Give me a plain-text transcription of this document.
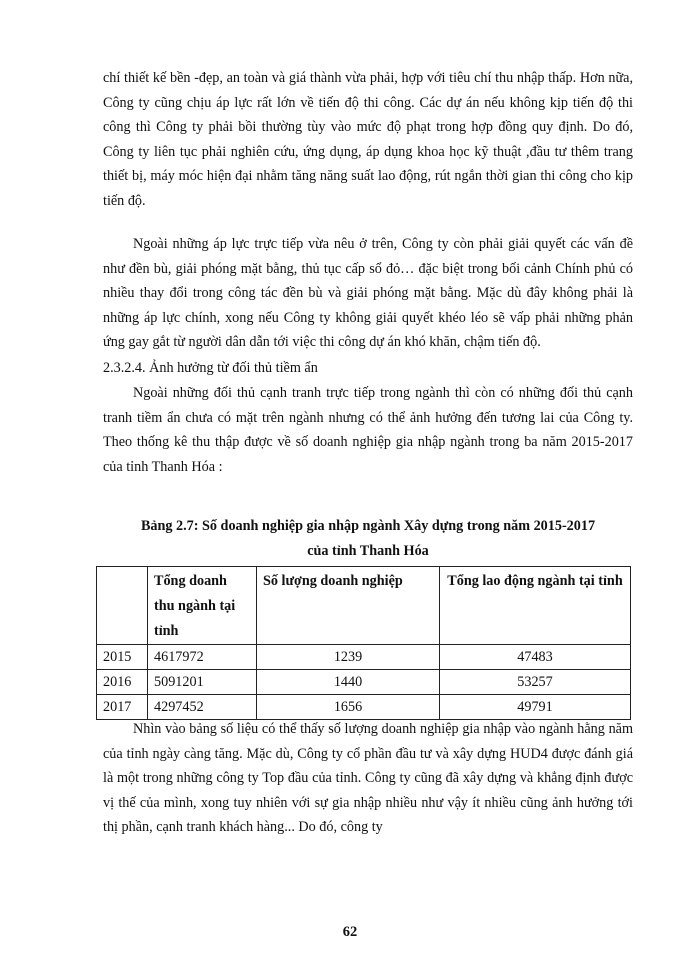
chí thiết kế bền -đẹp, an toàn và giá thành vừa phải, hợp với tiêu chí thu nhập thấp. Hơn nữa, Công ty cũng chịu áp lực rất lớn về tiến độ thi công. Các dự án nếu không kịp tiến độ thi công thì Công ty phải bồi thường tùy vào mức độ phạt trong hợp đồng quy định. Do đó, Công ty liên tục phải nghiên cứu, ứng dụng, áp dụng khoa học kỹ thuật ,đầu tư thêm trang thiết bị, máy móc hiện đại nhằm tăng năng suất lao động, rút ngắn thời gian thi công cho kịp tiến độ.

Ngoài những áp lực trực tiếp vừa nêu ở trên, Công ty còn phải giải quyết các vấn đề như đền bù, giải phóng mặt bằng, thủ tục cấp sổ đỏ… đặc biệt trong bối cảnh Chính phủ có nhiều thay đổi trong công tác đền bù và giải phóng mặt bằng. Mặc dù đây không phải là những áp lực chính, xong nếu Công ty không giải quyết khéo léo sẽ vấp phải những phản ứng gay gắt từ người dân dẫn tới việc thi công dự án khó khăn, chậm tiến độ.

2.3.2.4. Ảnh hưởng từ đối thủ tiềm ẩn

Ngoài những đối thủ cạnh tranh trực tiếp trong ngành thì còn có những đối thủ cạnh tranh tiềm ẩn chưa có mặt trên ngành nhưng có thể ảnh hưởng đến tương lai của Công ty. Theo thống kê thu thập được về số doanh nghiệp gia nhập ngành trong ba năm 2015-2017 của tỉnh Thanh Hóa :

Bảng 2.7: Số doanh nghiệp gia nhập ngành Xây dựng trong năm 2015-2017
của tỉnh Thanh Hóa
	Tổng doanh thu ngành tại tỉnh	Số lượng doanh nghiệp	Tổng lao động ngành tại tỉnh
2015	4617972	1239	47483
2016	5091201	1440	53257
2017	4297452	1656	49791

Nhìn vào bảng số liệu có thể thấy số lượng doanh nghiệp gia nhập vào ngành hằng năm của tỉnh ngày càng tăng. Mặc dù, Công ty cổ phần đầu tư và xây dựng HUD4 được đánh giá là một trong những công ty Top đầu của tỉnh. Công ty cũng đã xây dựng và khẳng định được vị thế của mình, xong tuy nhiên với sự gia nhập nhiều như vậy ít nhiều cũng ảnh hưởng tới thị phần, cạnh tranh khách hàng... Do đó, công ty

62
